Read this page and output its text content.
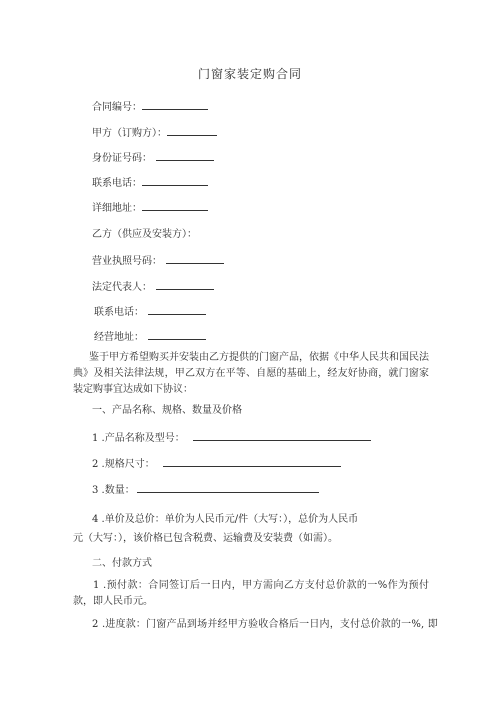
门窗家装定购合同
合同编号：
甲方（订购方）：
身份证号码：
联系电话：
详细地址：
乙方（供应及安装方）：
营业执照号码：
法定代表人：
联系电话：
经营地址：
鉴于甲方希望购买并安装由乙方提供的门窗产品，依据《中华人民共和国民法典》及相关法律法规，甲乙双方在平等、自愿的基础上，经友好协商，就门窗家装定购事宜达成如下协议：
一、产品名称、规格、数量及价格
1 .产品名称及型号：
2 .规格尺寸：
3 .数量：
4 .单价及总价：单价为人民币元/件（大写：），总价为人民币
元（大写：），该价格已包含税费、运输费及安装费（如需）。
二、付款方式
1 .预付款：合同签订后一日内，甲方需向乙方支付总价款的一%作为预付款，即人民币元。
2 .进度款：门窗产品到场并经甲方验收合格后一日内，支付总价款的一%, 即
